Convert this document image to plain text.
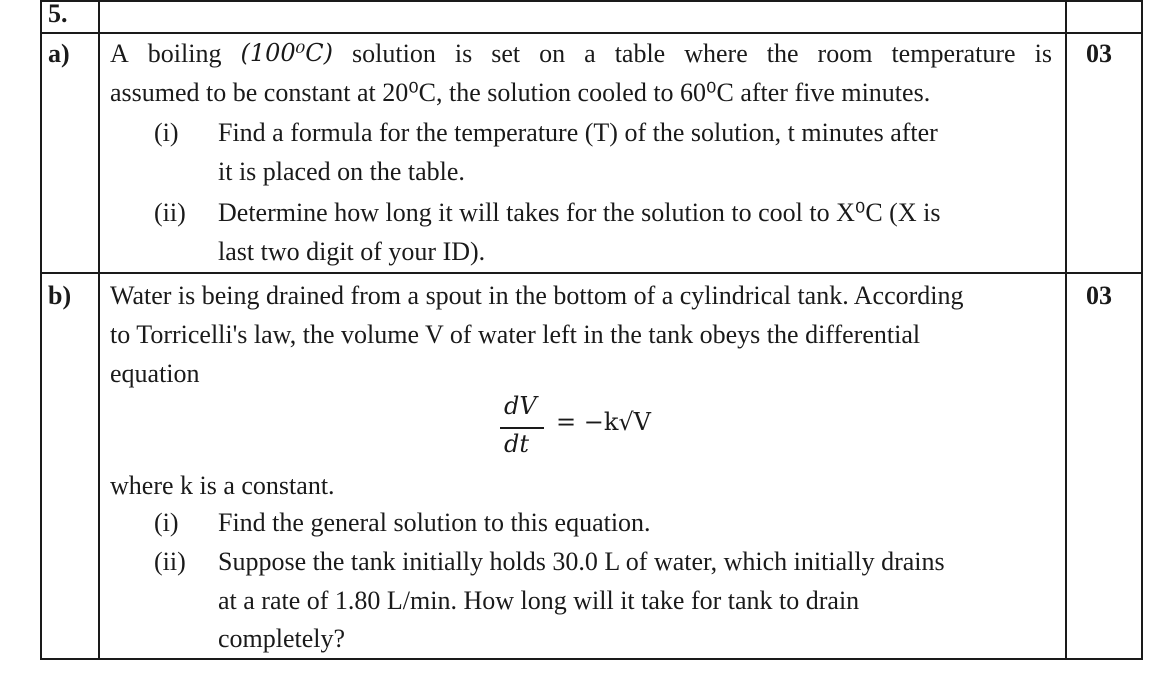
5.
a)	03
A boiling (100⁰C) solution is set on a table where the room temperature is
assumed to be constant at 20⁰C, the solution cooled to 60⁰C after five minutes.
(i) Find a formula for the temperature (T) of the solution, t minutes after
it is placed on the table.
(ii) Determine how long it will takes for the solution to cool to X⁰C (X is
last two digit of your ID).
b)	03
Water is being drained from a spout in the bottom of a cylindrical tank. According
to Torricelli's law, the volume V of water left in the tank obeys the differential
equation
dV
dt
= −k√V
where k is a constant.
(i) Find the general solution to this equation.
(ii) Suppose the tank initially holds 30.0 L of water, which initially drains
at a rate of 1.80 L/min. How long will it take for tank to drain
completely?
